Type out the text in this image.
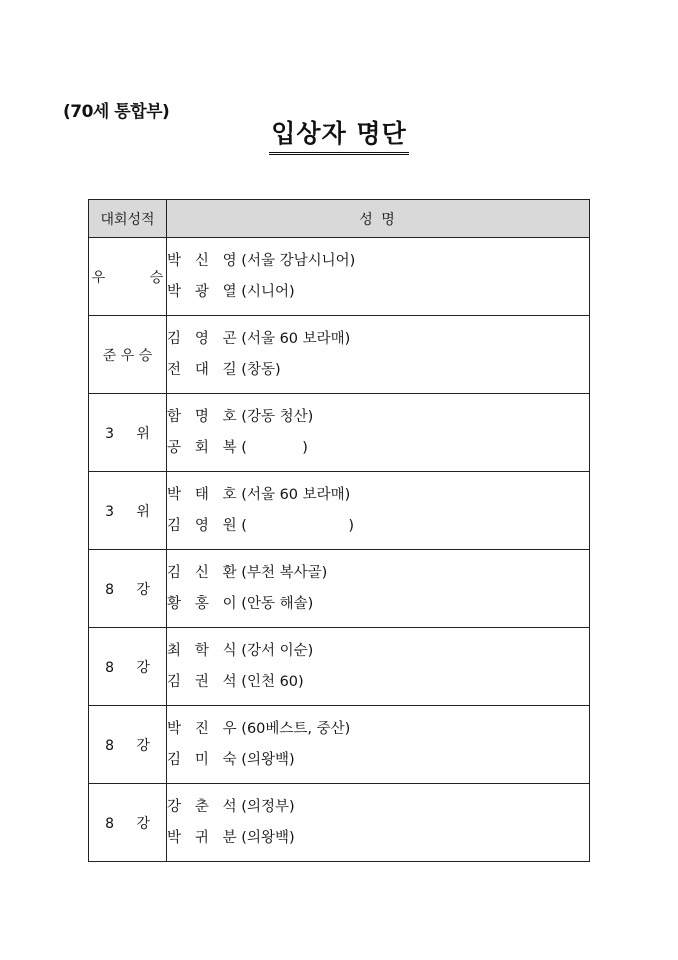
(70세 통합부)
입상자 명단
대회성적	성 명
우          승	박   신   영 (서울 강남시니어)
박   광   열 (시니어)

준 우 승	김   영   곤 (서울 60 보라매)
전   대   길 (창동)

3     위	함   명   호 (강동 청산)
공   회   복 (            )

3     위	박   태   호 (서울 60 보라매)
김   영   원 (                      )

8     강	김   신   환 (부천 복사골)
황   홍   이 (안동 해솔)

8     강	최   학   식 (강서 이순)
김   권   석 (인천 60)

8     강	박   진   우 (60베스트, 중산)
김   미   숙 (의왕백)

8     강	강   춘   석 (의정부)
박   귀   분 (의왕백)
